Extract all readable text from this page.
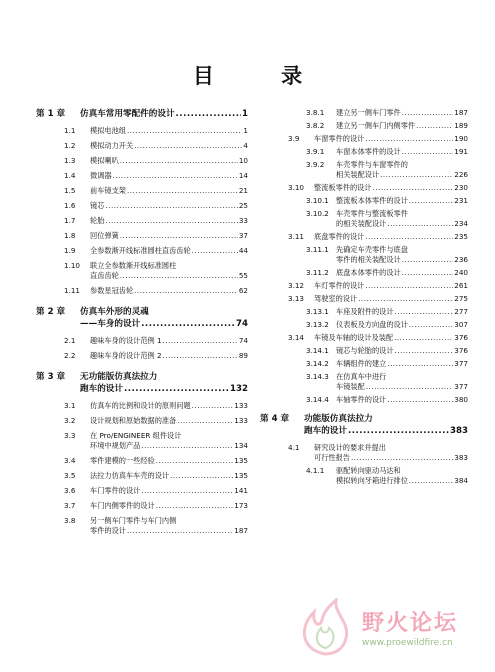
目 录
第 1 章	仿真车常用零配件的设计 .....	1
1.1	模拟电池组 .....	1
1.2	模拟动力开关 .....	4
1.3	模拟喇叭 .....	10
1.4	微调器 .....	14
1.5	前车镜支架 .....	21
1.6	镜芯 .....	25
1.7	轮胎 .....	33
1.8	回位弹簧 .....	37
1.9	全参数渐开线标准圆柱直齿齿轮 .....	44
1.10	联立全参数渐开线标准圆柱
直齿齿轮 .....	55
1.11	参数星冠齿轮 .....	62
第 2 章	仿真车外形的灵魂
——车身的设计 .....	74
2.1	趣味车身的设计范例 1 .....	74
2.2	趣味车身的设计范例 2 .....	89
第 3 章	无功能版仿真法拉力
跑车的设计 .....	132
3.1	仿真车的比例和设计的原则问题 .....	133
3.2	设计规划和原始数据的准备 .....	133
3.3	在 Pro/ENGINEER 组件设计
环境中规划产品 .....	134
3.4	零件建模的一些经验 .....	135
3.5	法拉力仿真车车壳的设计 .....	135
3.6	车门零件的设计 .....	141
3.7	车门内侧零件的设计 .....	173
3.8	另一侧车门零件与车门内侧
零件的设计 .....	187
3.8.1	建立另一侧车门零件 .....	187
3.8.2	建立另一侧车门内侧零件 .....	189
3.9	车窗零件的设计 .....	190
3.9.1	车窗本体零件的设计 .....	191
3.9.2	车壳零件与车窗零件的
相关装配设计 .....	226
3.10	整流板零件的设计 .....	230
3.10.1 整流板本体零件的设计 .....	231
3.10.2 车壳零件与整流板零件
的相关装配设计 .....	234
3.11	底盘零件的设计 .....	235
3.11.1 先确定车壳零件与底盘
零件的相关装配设计 .....	236
3.11.2 底盘本体零件的设计 .....	240
3.12	车灯零件的设计 .....	261
3.13	驾驶室的设计 .....	275
3.13.1 车座及附件的设计 .....	277
3.13.2 仪表板及方向盘的设计 .....	307
3.14	车镜及车轴的设计及装配 .....	376
3.14.1 镜芯与轮胎的设计 .....	376
3.14.2 车辆组件的建立 .....	377
3.14.3 在仿真车中进行
车镜装配 .....	377
3.14.4 车轴零件的设计 .....	380
第 4 章	功能版仿真法拉力
跑车的设计 .....	383
4.1	研究设计的要求并提出
可行性报告 .....	383
4.1.1	驱配转向驱动马达和
模拟转向牙箱进行排位 .....	384
野火论坛
www.proewildfire.cn
